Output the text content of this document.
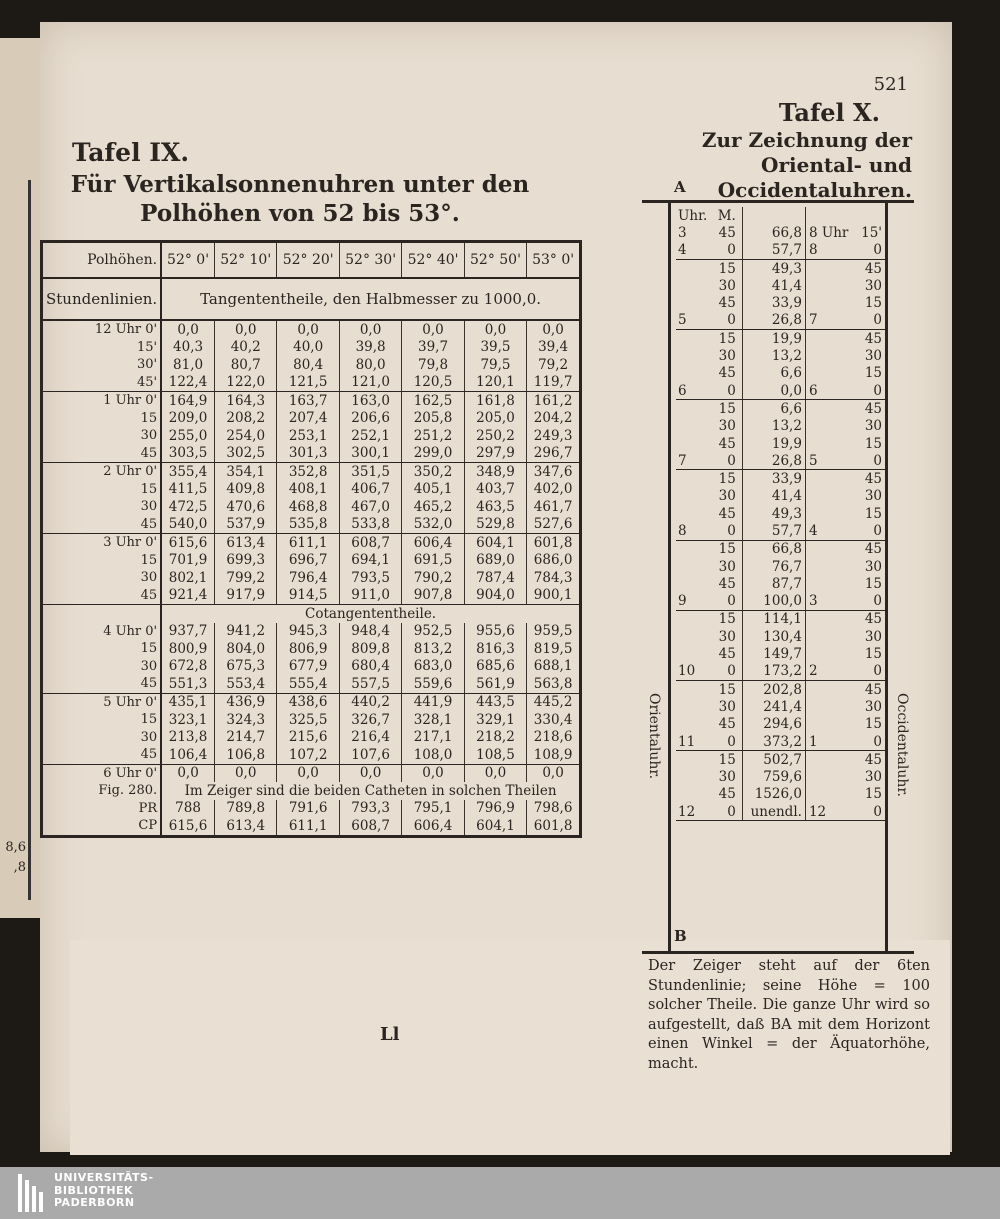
8,6
,8
521
Tafel IX.
Für Vertikalsonnenuhren unter den Polhöhen von 52 bis 53°.
Tafel X.
Zur Zeichnung der Oriental- und Occidentaluhren.
A
B
Polhöhen.	52° 0'	52° 10'	52° 20'	52° 30'	52° 40'	52° 50'	53° 0'
Stundenlinien.	Tangententheile, den Halbmesser zu 1000,0.						
12 Uhr 0'	0,0	0,0	0,0	0,0	0,0	0,0	0,0
15'	40,3	40,2	40,0	39,8	39,7	39,5	39,4
30'	81,0	80,7	80,4	80,0	79,8	79,5	79,2
45'	122,4	122,0	121,5	121,0	120,5	120,1	119,7
1 Uhr 0'	164,9	164,3	163,7	163,0	162,5	161,8	161,2
15	209,0	208,2	207,4	206,6	205,8	205,0	204,2
30	255,0	254,0	253,1	252,1	251,2	250,2	249,3
45	303,5	302,5	301,3	300,1	299,0	297,9	296,7
2 Uhr 0'	355,4	354,1	352,8	351,5	350,2	348,9	347,6
15	411,5	409,8	408,1	406,7	405,1	403,7	402,0
30	472,5	470,6	468,8	467,0	465,2	463,5	461,7
45	540,0	537,9	535,8	533,8	532,0	529,8	527,6
3 Uhr 0'	615,6	613,4	611,1	608,7	606,4	604,1	601,8
15	701,9	699,3	696,7	694,1	691,5	689,0	686,0
30	802,1	799,2	796,4	793,5	790,2	787,4	784,3
45	921,4	917,9	914,5	911,0	907,8	904,0	900,1
	Cotangententheile.						
4 Uhr 0'	937,7	941,2	945,3	948,4	952,5	955,6	959,5
15	800,9	804,0	806,9	809,8	813,2	816,3	819,5
30	672,8	675,3	677,9	680,4	683,0	685,6	688,1
45	551,3	553,4	555,4	557,5	559,6	561,9	563,8
5 Uhr 0'	435,1	436,9	438,6	440,2	441,9	443,5	445,2
15	323,1	324,3	325,5	326,7	328,1	329,1	330,4
30	213,8	214,7	215,6	216,4	217,1	218,2	218,6
45	106,4	106,8	107,2	107,6	108,0	108,5	108,9
6 Uhr 0'	0,0	0,0	0,0	0,0	0,0	0,0	0,0
Fig. 280.	Im Zeiger sind die beiden Catheten in solchen Theilen						
PR	788	789,8	791,6	793,3	795,1	796,9	798,6
CP	615,6	613,4	611,1	608,7	606,4	604,1	601,8
Orientaluhr.	Occidentaluhr.
Uhr.	M.			
3	45	66,8	8 Uhr	15'
4	0	57,7	8	0
	15	49,3		45
	30	41,4		30
	45	33,9		15
5	0	26,8	7	0
	15	19,9		45
	30	13,2		30
	45	6,6		15
6	0	0,0	6	0
	15	6,6		45
	30	13,2		30
	45	19,9		15
7	0	26,8	5	0
	15	33,9		45
	30	41,4		30
	45	49,3		15
8	0	57,7	4	0
	15	66,8		45
	30	76,7		30
	45	87,7		15
9	0	100,0	3	0
	15	114,1		45
	30	130,4		30
	45	149,7		15
10	0	173,2	2	0
	15	202,8		45
	30	241,4		30
	45	294,6		15
11	0	373,2	1	0
	15	502,7		45
	30	759,6		30
	45	1526,0		15
12	0	unendl.	12	0
Der Zeiger steht auf der 6ten Stundenlinie; seine Höhe = 100 solcher Theile. Die ganze Uhr wird so aufgestellt, daß BA mit dem Horizont einen Winkel = der Äquatorhöhe, macht.
Ll
UNIVERSITÄTS-
BIBLIOTHEK
PADERBORN
